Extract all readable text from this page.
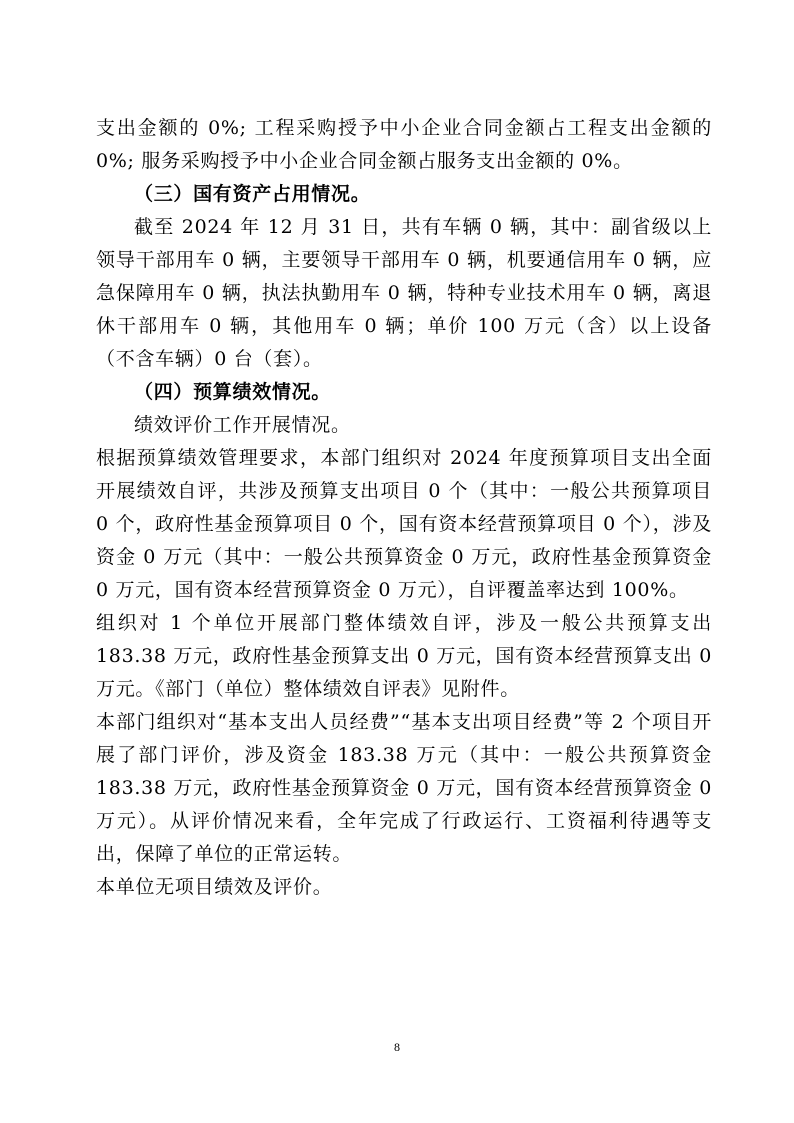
支出金额的 0%; 工程采购授予中小企业合同金额占工程支出金额的 0%; 服务采购授予中小企业合同金额占服务支出金额的 0%。

（三）国有资产占用情况。

截至 2024 年 12 月 31 日，共有车辆 0 辆，其中：副省级以上领导干部用车 0 辆，主要领导干部用车 0 辆，机要通信用车 0 辆，应急保障用车 0 辆，执法执勤用车 0 辆，特种专业技术用车 0 辆，离退休干部用车 0 辆，其他用车 0 辆；单价 100 万元（含）以上设备（不含车辆）0 台（套）。

（四）预算绩效情况。

绩效评价工作开展情况。

根据预算绩效管理要求，本部门组织对 2024 年度预算项目支出全面开展绩效自评，共涉及预算支出项目 0 个（其中：一般公共预算项目 0 个，政府性基金预算项目 0 个，国有资本经营预算项目 0 个），涉及资金 0 万元（其中：一般公共预算资金 0 万元，政府性基金预算资金 0 万元，国有资本经营预算资金 0 万元），自评覆盖率达到 100%。

组织对 1 个单位开展部门整体绩效自评，涉及一般公共预算支出 183.38 万元，政府性基金预算支出 0 万元，国有资本经营预算支出 0 万元。《部门（单位）整体绩效自评表》见附件。

本部门组织对“基本支出人员经费”“基本支出项目经费”等 2 个项目开展了部门评价，涉及资金 183.38 万元（其中：一般公共预算资金 183.38 万元，政府性基金预算资金 0 万元，国有资本经营预算资金 0 万元）。从评价情况来看，全年完成了行政运行、工资福利待遇等支出，保障了单位的正常运转。

本单位无项目绩效及评价。

8
